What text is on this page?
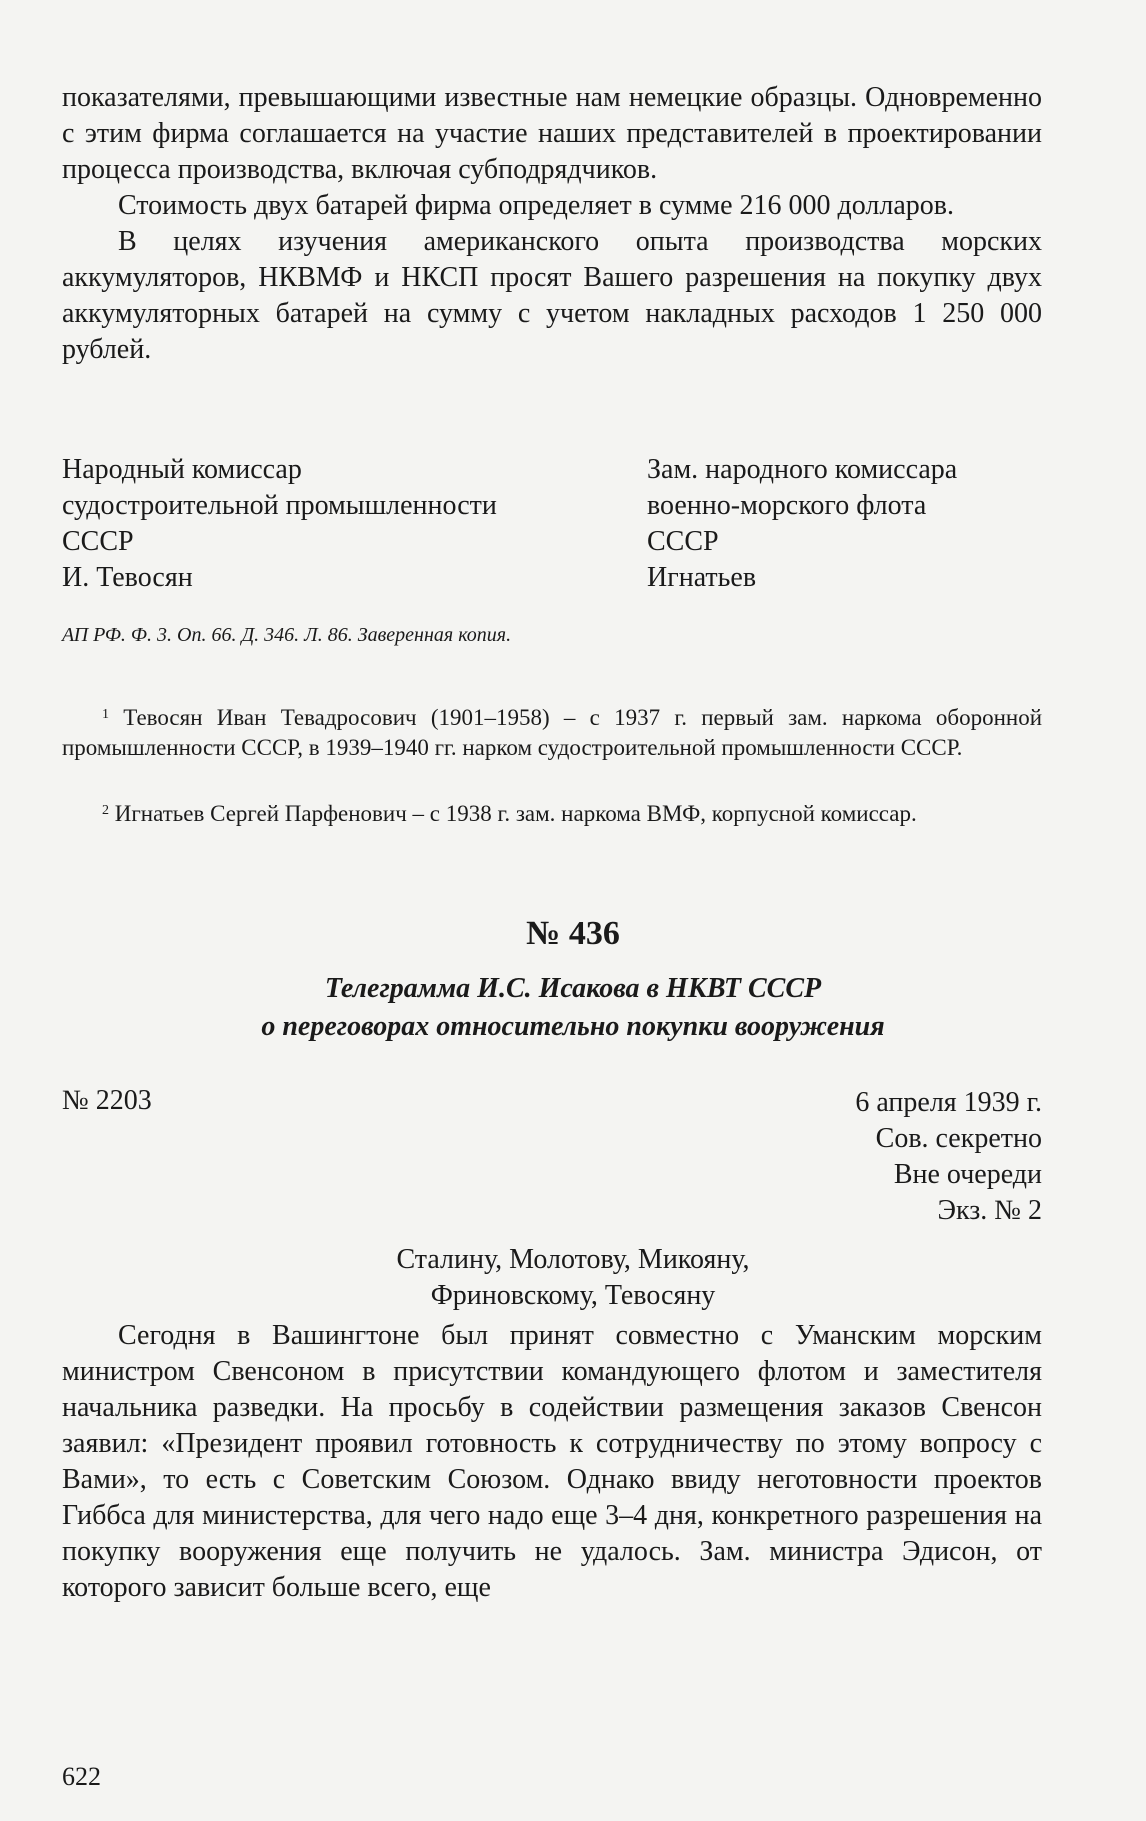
показателями, превышающими известные нам немецкие образцы. Одновременно с этим фирма соглашается на участие наших представителей в проектировании процесса производства, включая субподрядчиков.

Стоимость двух батарей фирма определяет в сумме 216 000 долларов.

В целях изучения американского опыта производства морских аккумуляторов, НКВМФ и НКСП просят Вашего разрешения на покупку двух аккумуляторных батарей на сумму с учетом накладных расходов 1 250 000 рублей.

Народный комиссар
судостроительной промышленности
СССР
И. Тевосян
Зам. народного комиссара
военно-морского флота
СССР
Игнатьев
АП РФ. Ф. 3. Оп. 66. Д. 346. Л. 86. Заверенная копия.
$^1$ Тевосян Иван Тевадросович (1901–1958) – с 1937 г. первый зам. наркома оборонной промышленности СССР, в 1939–1940 гг. нарком судостроительной промышленности СССР.
$^2$ Игнатьев Сергей Парфенович – с 1938 г. зам. наркома ВМФ, корпусной комиссар.
№ 436
Телеграмма И.С. Исакова в НКВТ СССР
о переговорах относительно покупки вооружения
№ 2203	6 апреля 1939 г.
Сов. секретно
Вне очереди
Экз. № 2
Сталину, Молотову, Микояну,
Фриновскому, Тевосяну

Сегодня в Вашингтоне был принят совместно с Уманским морским министром Свенсоном в присутствии командующего флотом и заместителя начальника разведки. На просьбу в содействии размещения заказов Свенсон заявил: «Президент проявил готовность к сотрудничеству по этому вопросу с Вами», то есть с Советским Союзом. Однако ввиду неготовности проектов Гиббса для министерства, для чего надо еще 3–4 дня, конкретного разрешения на покупку вооружения еще получить не удалось. Зам. министра Эдисон, от которого зависит больше всего, еще

622
